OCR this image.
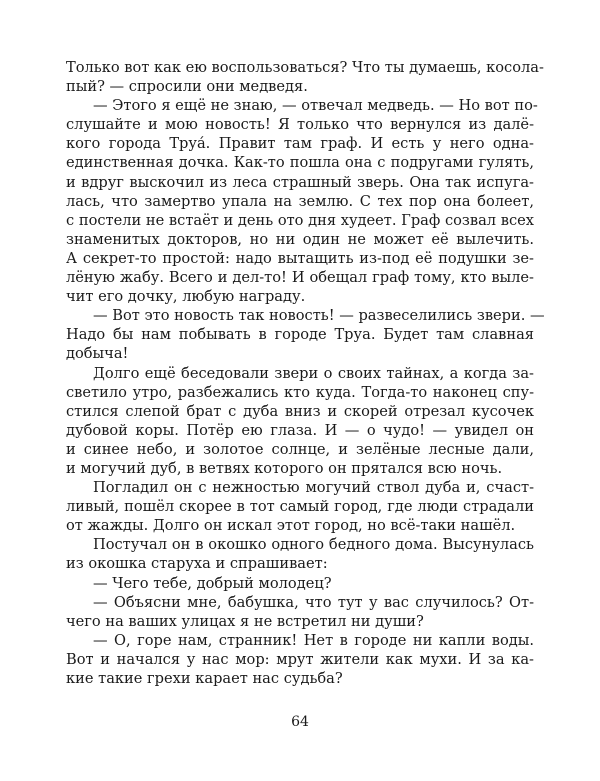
Только вот как ею воспользоваться? Что ты думаешь, косола-
пый? — спросили они медведя.

— Этого я ещё не знаю, — отвечал медведь. — Но вот по-
слушайте и мою новость! Я только что вернулся из далё-
кого города Труа́. Правит там граф. И есть у него одна-
единственная дочка. Как-то пошла она с подругами гулять,
и вдруг выскочил из леса страшный зверь. Она так испуга-
лась, что замертво упала на землю. С тех пор она болеет,
с постели не встаёт и день ото дня худеет. Граф созвал всех
знаменитых докторов, но ни один не может её вылечить.
А секрет-то простой: надо вытащить из-под её подушки зе-
лёную жабу. Всего и дел-то! И обещал граф тому, кто выле-
чит его дочку, любую награду.

— Вот это новость так новость! — развеселились звери. —
Надо бы нам побывать в городе Труа. Будет там славная
добыча!

Долго ещё беседовали звери о своих тайнах, а когда за-
светило утро, разбежались кто куда. Тогда-то наконец спу-
стился слепой брат с дуба вниз и скорей отрезал кусочек
дубовой коры. Потёр ею глаза. И — о чудо! — увидел он
и синее небо, и золотое солнце, и зелёные лесные дали,
и могучий дуб, в ветвях которого он прятался всю ночь.

Погладил он с нежностью могучий ствол дуба и, счаст-
ливый, пошёл скорее в тот самый город, где люди страдали
от жажды. Долго он искал этот город, но всё-таки нашёл.

Постучал он в окошко одного бедного дома. Высунулась
из окошка старуха и спрашивает:

— Чего тебе, добрый молодец?

— Объясни мне, бабушка, что тут у вас случилось? От-
чего на ваших улицах я не встретил ни души?

— О, горе нам, странник! Нет в городе ни капли воды.
Вот и начался у нас мор: мрут жители как мухи. И за ка-
кие такие грехи карает нас судьба?

64
